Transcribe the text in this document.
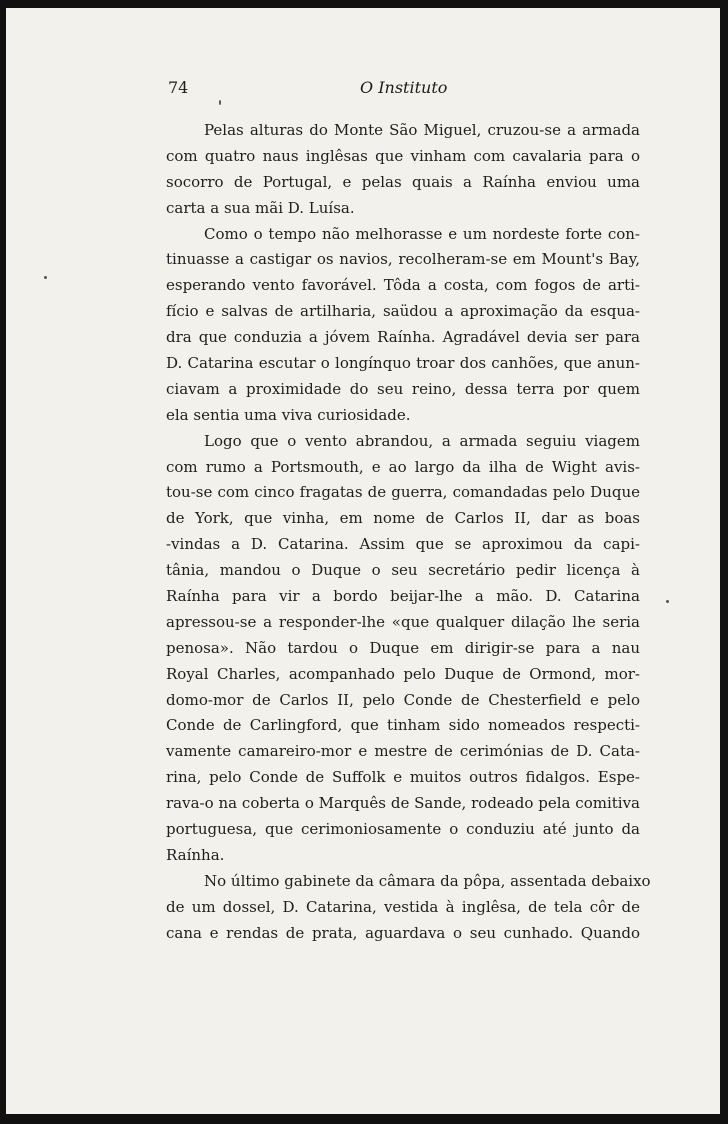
74	O Instituto
Pelas alturas do Monte São Miguel, cruzou-se a armada
com quatro naus inglêsas que vinham com cavalaria para o
socorro de Portugal, e pelas quais a Raínha enviou uma
carta a sua mãi D. Luísa.
Como o tempo não melhorasse e um nordeste forte con-
tinuasse a castigar os navios, recolheram-se em Mount's Bay,
esperando vento favorável. Tôda a costa, com fogos de arti-
fício e salvas de artilharia, saüdou a aproximação da esqua-
dra que conduzia a jóvem Raínha. Agradável devia ser para
D. Catarina escutar o longínquo troar dos canhões, que anun-
ciavam a proximidade do seu reino, dessa terra por quem
ela sentia uma viva curiosidade.
Logo que o vento abrandou, a armada seguiu viagem
com rumo a Portsmouth, e ao largo da ilha de Wight avis-
tou-se com cinco fragatas de guerra, comandadas pelo Duque
de York, que vinha, em nome de Carlos II, dar as boas
-vindas a D. Catarina. Assim que se aproximou da capi-
tânia, mandou o Duque o seu secretário pedir licença à
Raínha para vir a bordo beijar-lhe a mão. D. Catarina
apressou-se a responder-lhe «que qualquer dilação lhe seria
penosa». Não tardou o Duque em dirigir-se para a nau
Royal Charles, acompanhado pelo Duque de Ormond, mor-
domo-mor de Carlos II, pelo Conde de Chesterfield e pelo
Conde de Carlingford, que tinham sido nomeados respecti-
vamente camareiro-mor e mestre de cerimónias de D. Cata-
rina, pelo Conde de Suffolk e muitos outros fidalgos. Espe-
rava-o na coberta o Marquês de Sande, rodeado pela comitiva
portuguesa, que cerimoniosamente o conduziu até junto da
Raínha.
No último gabinete da câmara da pôpa, assentada debaixo
de um dossel, D. Catarina, vestida à inglêsa, de tela côr de
cana e rendas de prata, aguardava o seu cunhado. Quando
